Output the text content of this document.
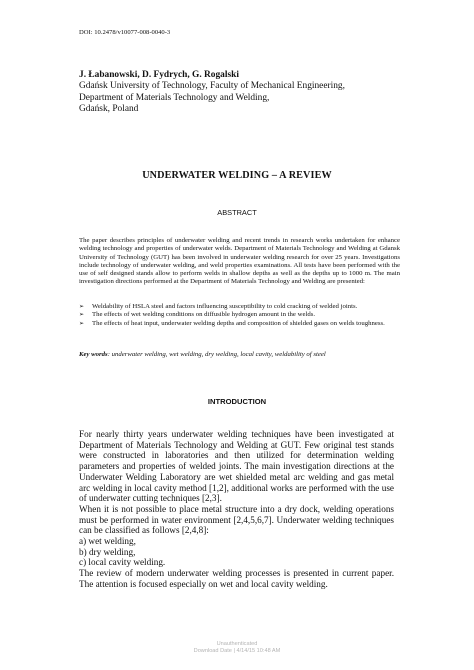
DOI: 10.2478/v10077-008-0040-3
J. Łabanowski, D. Fydrych, G. Rogalski
Gdańsk University of Technology, Faculty of Mechanical Engineering,
Department of Materials Technology and Welding,
Gdańsk, Poland
UNDERWATER WELDING – A REVIEW
ABSTRACT
The paper describes principles of underwater welding and recent trends in research works undertaken for enhance welding technology and properties of underwater welds. Department of Materials Technology and Welding at Gdansk University of Technology (GUT) has been involved in underwater welding research for over 25 years. Investigations include technology of underwater welding, and weld properties examinations. All tests have been performed with the use of self designed stands allow to perform welds in shallow depths as well as the depths up to 1000 m. The main investigation directions performed at the Department of Materials Technology and Welding are presented:
➢ Weldability of HSLA steel and factors influencing susceptibility to cold cracking of welded joints.
➢ The effects of wet welding conditions on diffusible hydrogen amount in the welds.
➢ The effects of heat input, underwater welding depths and composition of shielded gases on welds toughness.
Key words: underwater welding, wet welding, dry welding, local cavity, weldability of steel
INTRODUCTION

For nearly thirty years underwater welding techniques have been investigated at Department of Materials Technology and Welding at GUT. Few original test stands were constructed in laboratories and then utilized for determination welding parameters and properties of welded joints. The main investigation directions at the Underwater Welding Laboratory are wet shielded metal arc welding and gas metal arc welding in local cavity method [1,2], additional works are performed with the use of underwater cutting techniques [2,3].

When it is not possible to place metal structure into a dry dock, welding operations must be performed in water environment [2,4,5,6,7]. Underwater welding techniques can be classified as follows [2,4,8]:

a) wet welding,

b) dry welding,

c) local cavity welding.

The review of modern underwater welding processes is presented in current paper. The attention is focused especially on wet and local cavity welding.

Unauthenticated
Download Date | 4/14/15 10:48 AM
